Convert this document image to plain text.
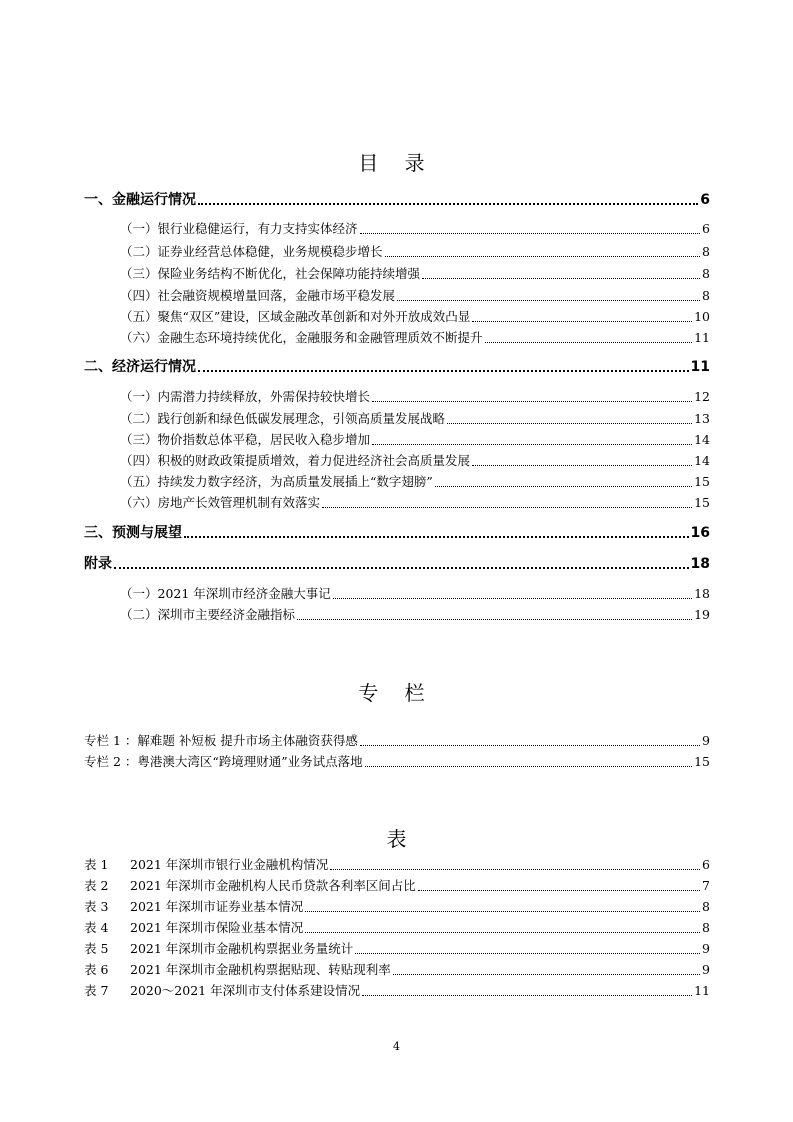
目 录
一、金融运行情况	6
（一）银行业稳健运行，有力支持实体经济	6
（二）证券业经营总体稳健，业务规模稳步增长	8
（三）保险业务结构不断优化，社会保障功能持续增强	8
（四）社会融资规模增量回落，金融市场平稳发展	8
（五）聚焦“双区”建设，区域金融改革创新和对外开放成效凸显	10
（六）金融生态环境持续优化，金融服务和金融管理质效不断提升	11
二、经济运行情况	11
（一）内需潜力持续释放，外需保持较快增长	12
（二）践行创新和绿色低碳发展理念，引领高质量发展战略	13
（三）物价指数总体平稳，居民收入稳步增加	14
（四）积极的财政政策提质增效，着力促进经济社会高质量发展	14
（五）持续发力数字经济，为高质量发展插上“数字翅膀”	15
（六）房地产长效管理机制有效落实	15
三、预测与展望	16
附录	18
（一）2021 年深圳市经济金融大事记	18
（二）深圳市主要经济金融指标	19
专 栏
专栏 1 ：解难题 补短板 提升市场主体融资获得感	9
专栏 2 ：粤港澳大湾区“跨境理财通”业务试点落地	15
表
表 1 2021 年深圳市银行业金融机构情况	6
表 2 2021 年深圳市金融机构人民币贷款各利率区间占比	7
表 3 2021 年深圳市证券业基本情况	8
表 4 2021 年深圳市保险业基本情况	8
表 5 2021 年深圳市金融机构票据业务量统计	9
表 6 2021 年深圳市金融机构票据贴现、转贴现利率	9
表 7 2020～2021 年深圳市支付体系建设情况	11
4
